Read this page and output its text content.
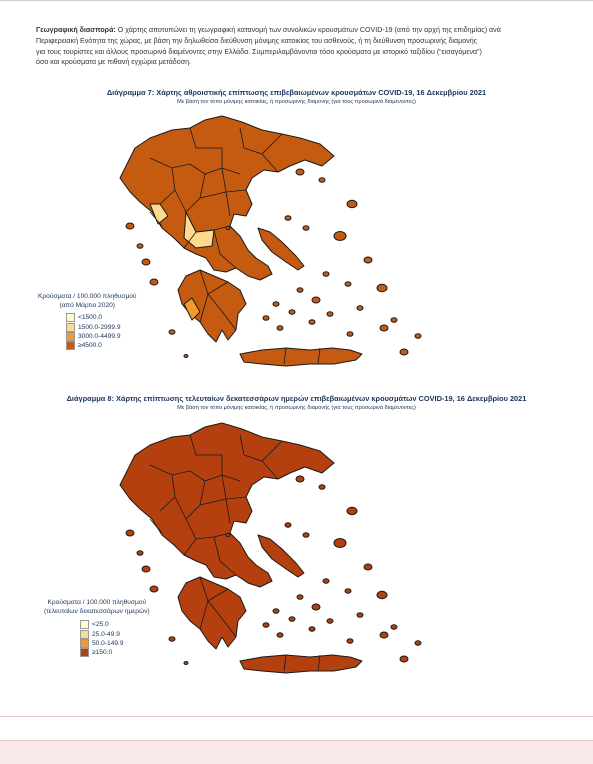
Γεωγραφική διασπορά: Ο χάρτης αποτυπώνει τη γεωγραφική κατανομή των συνολικών κρουσμάτων COVID-19 (από την αρχή της επιδημίας) ανά
Περιφερειακή Ενότητα της χώρας, με βάση την δηλωθείσα διεύθυνση μόνιμης κατοικίας του ασθενούς, ή τη διεύθυνση προσωρινής διαμονής
για τους τουρίστες και άλλους προσωρινά διαμένοντες στην Ελλάδα. Συμπεριλαμβάνονται τόσο κρούσματα με ιστορικό ταξιδίου (“εισαγόμενα”)
όσο και κρούσματα με πιθανή εγχώρια μετάδοση.
Διάγραμμα 7: Χάρτης αθροιστικής επίπτωσης επιβεβαιωμένων κρουσμάτων COVID-19, 16 Δεκεμβρίου 2021
Με βάση τον τόπο μόνιμης κατοικίας, ή προσωρινής διαμονής (για τους προσωρινά διαμένοντες)
Κρούσματα / 100.000 πληθυσμού
(από Μάρτιο 2020)
<1500.0
1500.0-2999.9
3000.0-4499.9
≥4500.0
Διάγραμμα 8: Χάρτης επίπτωσης τελευταίων δεκατεσσάρων ημερών επιβεβαιωμένων κρουσμάτων COVID-19, 16 Δεκεμβρίου 2021
Με βάση τον τόπο μόνιμης κατοικίας, ή προσωρινής διαμονής (για τους προσωρινά διαμένοντες)
Κρούσματα / 100.000 πληθυσμού
(τελευταίων δεκατεσσάρων ημερών)
<25.0
25.0-49.9
50.0-149.9
≥150.0
